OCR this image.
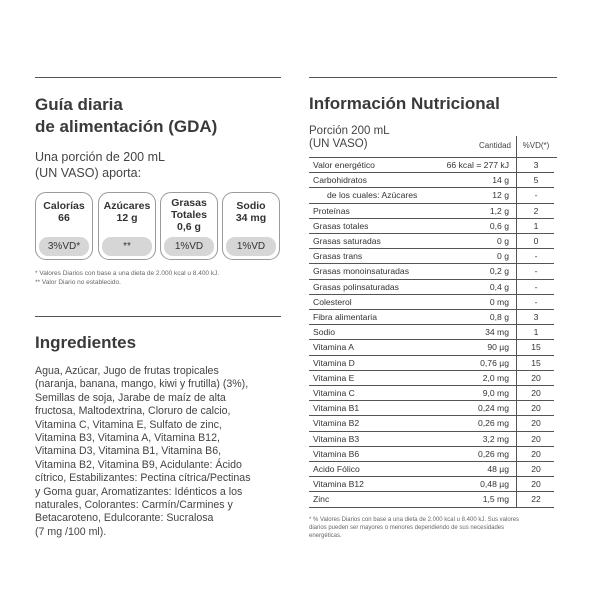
Guía diaria
de alimentación (GDA)
Una porción de 200 mL
(UN VASO) aporta:
Calorías
66
3%VD*
Azúcares
12 g
**
Grasas
Totales
0,6 g
1%VD
Sodio
34 mg
1%VD
* Valores Diarios con base a una dieta de 2.000 kcal u 8.400 kJ.
** Valor Diario no establecido.
Ingredientes
Agua, Azúcar, Jugo de frutas tropicales
(naranja, banana, mango, kiwi y frutilla) (3%),
Semillas de soja, Jarabe de maíz de alta
fructosa, Maltodextrina, Cloruro de calcio,
Vitamina C, Vitamina E, Sulfato de zinc,
Vitamina B3, Vitamina A, Vitamina B12,
Vitamina D3, Vitamina B1, Vitamina B6,
Vitamina B2, Vitamina B9, Acidulante: Ácido
cítrico, Estabilizantes: Pectina cítrica/Pectinas
y Goma guar, Aromatizantes: Idénticos a los
naturales, Colorantes: Carmín/Carmines y
Betacaroteno, Edulcorante: Sucralosa
(7 mg /100 ml).
Información Nutricional
Porción 200 mL
(UN VASO)	Cantidad	%VD(*)
Valor energético	66 kcal = 277 kJ	3
Carbohidratos	14 g	5
de los cuales: Azúcares	12 g	-
Proteínas	1,2 g	2
Grasas totales	0,6 g	1
Grasas saturadas	0 g	0
Grasas trans	0 g	-
Grasas monoinsaturadas	0,2 g	-
Grasas polinsaturadas	0,4 g	-
Colesterol	0 mg	-
Fibra alimentaria	0,8 g	3
Sodio	34 mg	1
Vitamina A	90 µg	15
Vitamina D	0,76 µg	15
Vitamina E	2,0 mg	20
Vitamina C	9,0 mg	20
Vitamina B1	0,24 mg	20
Vitamina B2	0,26 mg	20
Vitamina B3	3,2 mg	20
Vitamina B6	0,26 mg	20
Acido Fólico	48 µg	20
Vitamina B12	0,48 µg	20
Zinc	1,5 mg	22
* % Valores Diarios con base a una dieta de 2.000 kcal u 8.400 kJ. Sus valores
diarios pueden ser mayores o menores dependiendo de sus necesidades
energéticas.
